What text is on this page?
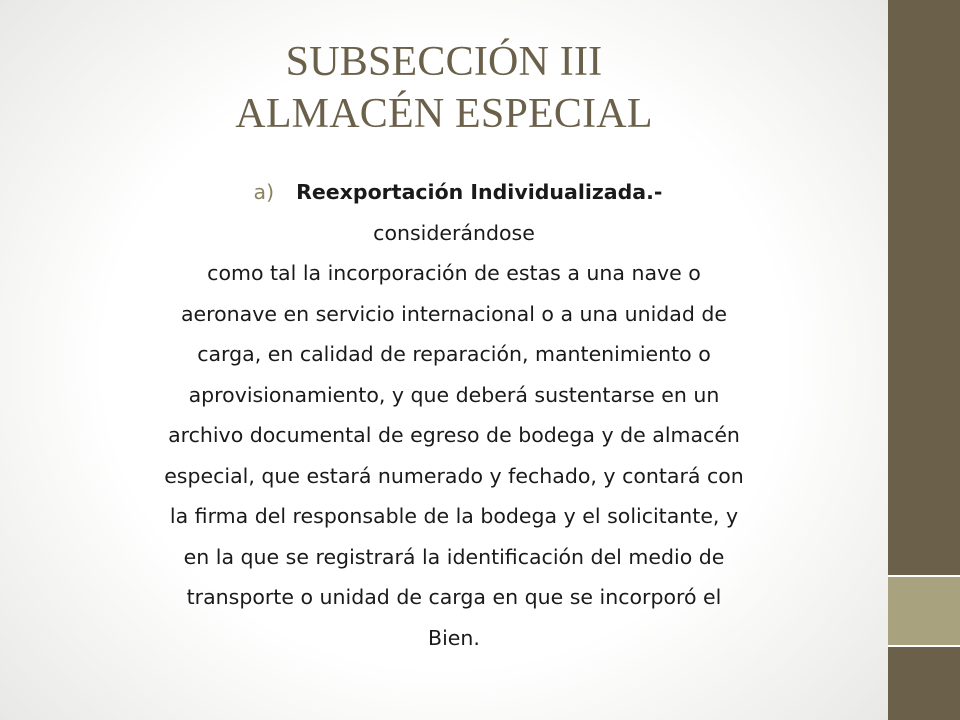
SUBSECCIÓN III
ALMACÉN ESPECIAL
a) Reexportación Individualizada.-
considerándose
como tal la incorporación de estas a una nave o
aeronave en servicio internacional o a una unidad de
carga, en calidad de reparación, mantenimiento o
aprovisionamiento, y que deberá sustentarse en un
archivo documental de egreso de bodega y de almacén
especial, que estará numerado y fechado, y contará con
la firma del responsable de la bodega y el solicitante, y
en la que se registrará la identificación del medio de
transporte o unidad de carga en que se incorporó el
Bien.
